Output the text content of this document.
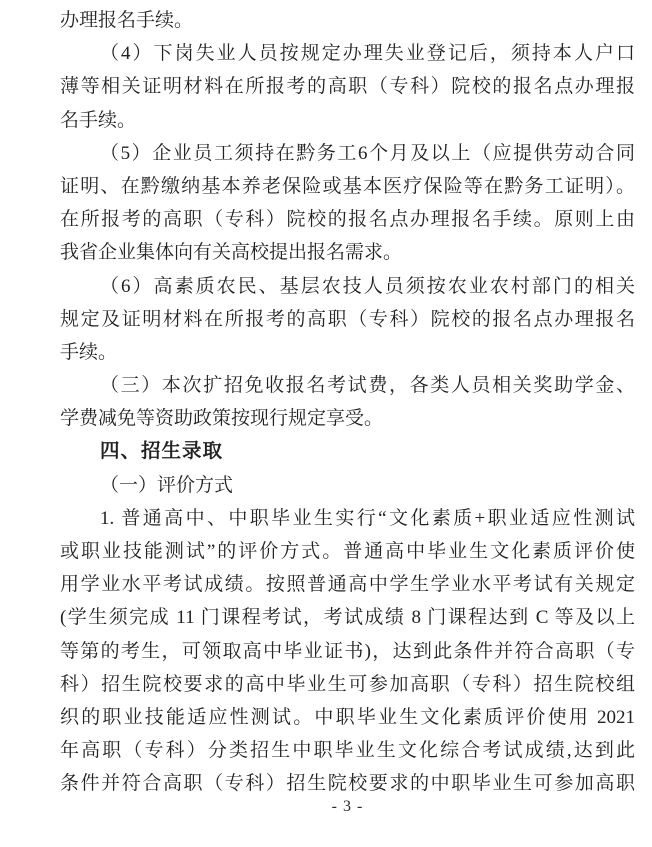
办理报名手续。
（4）下岗失业人员按规定办理失业登记后，须持本人户口
薄等相关证明材料在所报考的高职（专科）院校的报名点办理报
名手续。
（5）企业员工须持在黔务工6个月及以上（应提供劳动合同
证明、在黔缴纳基本养老保险或基本医疗保险等在黔务工证明）。
在所报考的高职（专科）院校的报名点办理报名手续。原则上由
我省企业集体向有关高校提出报名需求。
（6）高素质农民、基层农技人员须按农业农村部门的相关
规定及证明材料在所报考的高职（专科）院校的报名点办理报名
手续。
（三）本次扩招免收报名考试费，各类人员相关奖助学金、
学费减免等资助政策按现行规定享受。
四、招生录取
（一）评价方式
1. 普通高中、中职毕业生实行“文化素质+职业适应性测试
或职业技能测试”的评价方式。普通高中毕业生文化素质评价使
用学业水平考试成绩。按照普通高中学生学业水平考试有关规定
(学生须完成 11 门课程考试，考试成绩 8 门课程达到 C 等及以上
等第的考生，可领取高中毕业证书)，达到此条件并符合高职（专
科）招生院校要求的高中毕业生可参加高职（专科）招生院校组
织的职业技能适应性测试。中职毕业生文化素质评价使用 2021
年高职（专科）分类招生中职毕业生文化综合考试成绩,达到此
条件并符合高职（专科）招生院校要求的中职毕业生可参加高职
- 3 -
